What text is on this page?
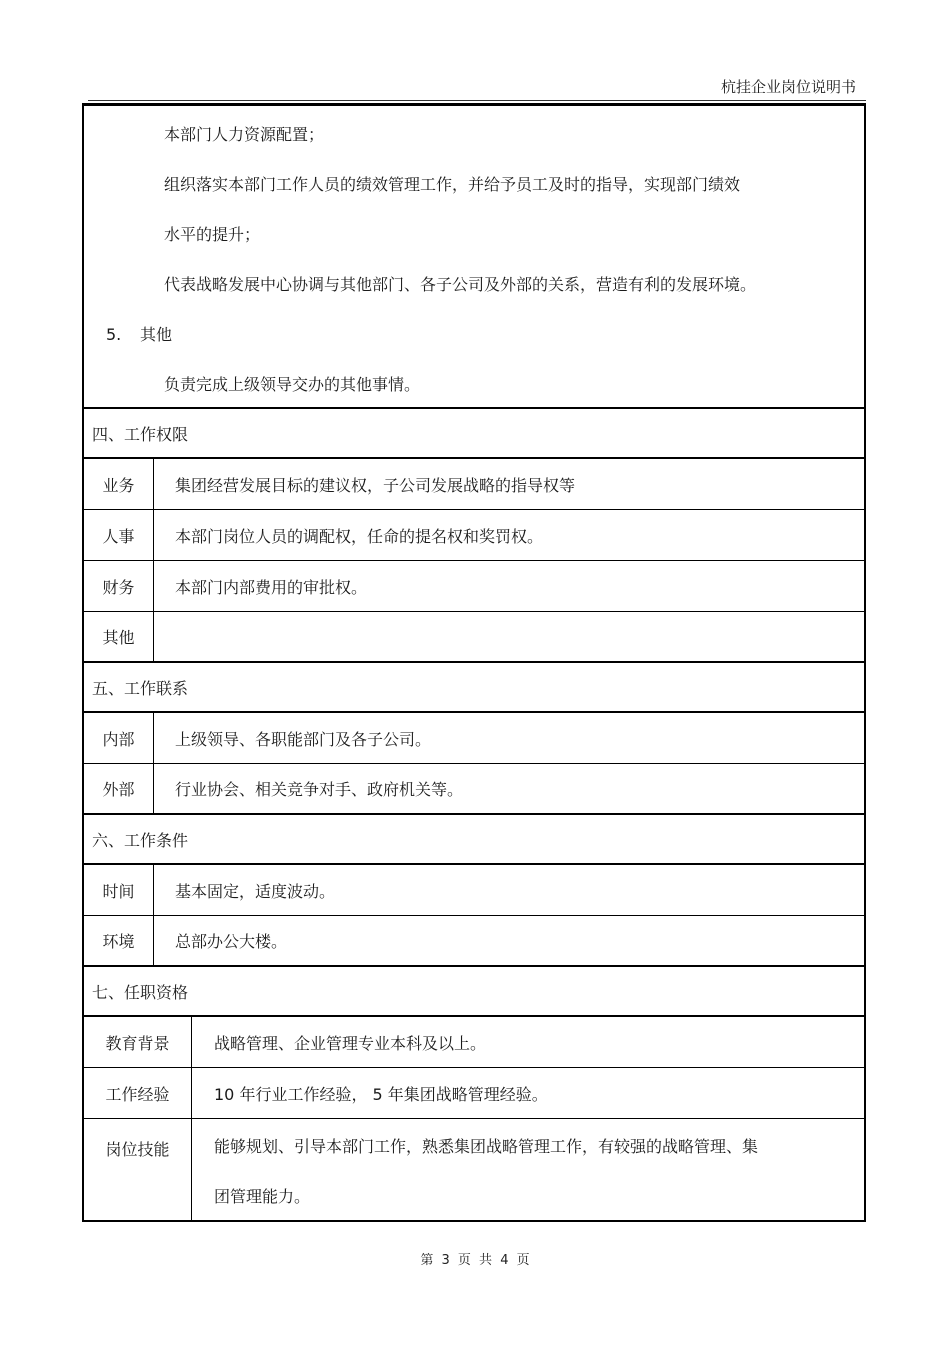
杭挂企业岗位说明书
本部门人力资源配置；
组织落实本部门工作人员的绩效管理工作，并给予员工及时的指导，实现部门绩效
水平的提升；
代表战略发展中心协调与其他部门、各子公司及外部的关系，营造有利的发展环境。
5. 其他
负责完成上级领导交办的其他事情。
四、工作权限
业务	集团经营发展目标的建议权，子公司发展战略的指导权等
人事	本部门岗位人员的调配权，任命的提名权和奖罚权。
财务	本部门内部费用的审批权。
其他
五、工作联系
内部	上级领导、各职能部门及各子公司。
外部	行业协会、相关竞争对手、政府机关等。
六、工作条件
时间	基本固定，适度波动。
环境	总部办公大楼。
七、任职资格
教育背景	战略管理、企业管理专业本科及以上。
工作经验	10 年行业工作经验， 5 年集团战略管理经验。
岗位技能	能够规划、引导本部门工作，熟悉集团战略管理工作，有较强的战略管理、集
团管理能力。
第 3 页 共 4 页
